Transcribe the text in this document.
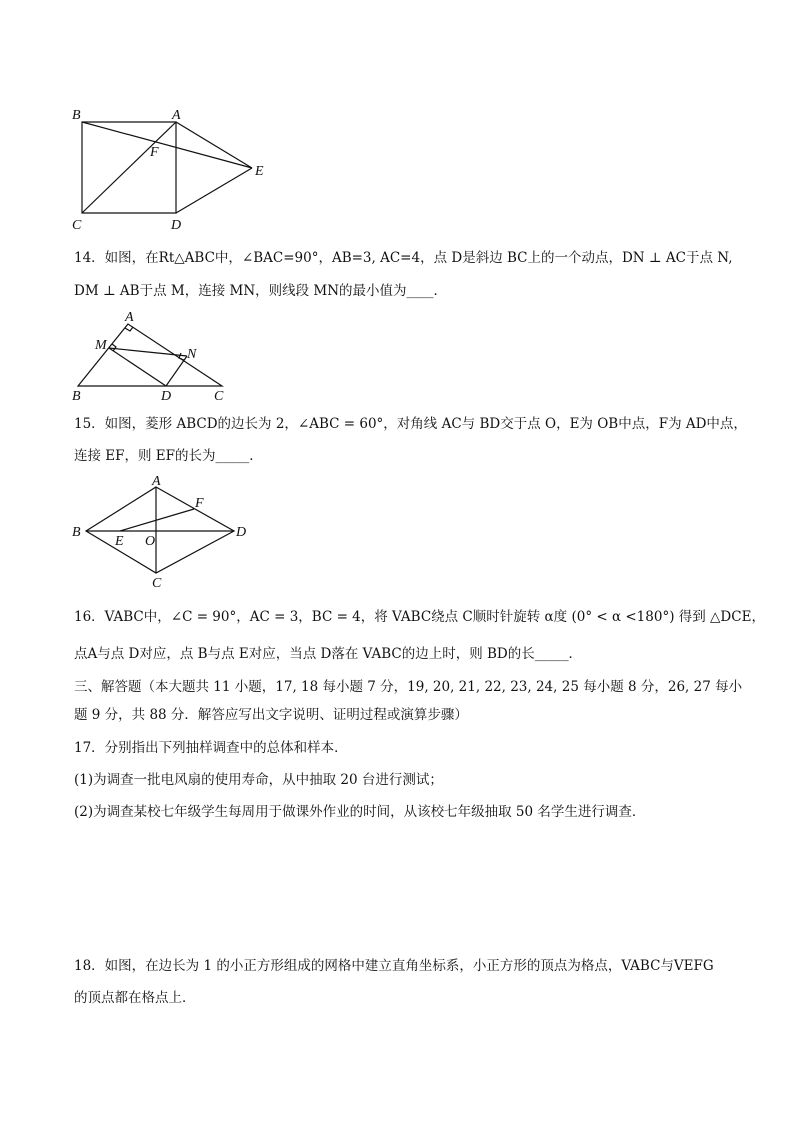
B	A
F
E
C	D
14．如图，在Rt△ABC中，∠BAC=90°，AB=3, AC=4，点 D是斜边 BC上的一个动点，DN ⊥ AC于点 N,
DM ⊥ AB于点 M，连接 MN，则线段 MN的最小值为____．
A
M
N
B	D	C
15．如图，菱形 ABCD的边长为 2，∠ABC = 60°，对角线 AC与 BD交于点 O，E为 OB中点，F为 AD中点，
连接 EF，则 EF的长为_____．
A
F
B
E O
D
C
16．VABC中，∠C = 90°，AC = 3，BC = 4，将 VABC绕点 C顺时针旋转 α度 (0° < α <180°) 得到 △DCE，
点A与点 D对应，点 B与点 E对应，当点 D落在 VABC的边上时，则 BD的长_____．
三、解答题（本大题共 11 小题，17, 18 每小题 7 分，19, 20, 21, 22, 23, 24, 25 每小题 8 分，26, 27 每小
题 9 分，共 88 分．解答应写出文字说明、证明过程或演算步骤）
17．分别指出下列抽样调查中的总体和样本．
(1)为调查一批电风扇的使用寿命，从中抽取 20 台进行测试；
(2)为调查某校七年级学生每周用于做课外作业的时间，从该校七年级抽取 50 名学生进行调查．
18．如图，在边长为 1 的小正方形组成的网格中建立直角坐标系，小正方形的顶点为格点，VABC与VEFG
的顶点都在格点上．
